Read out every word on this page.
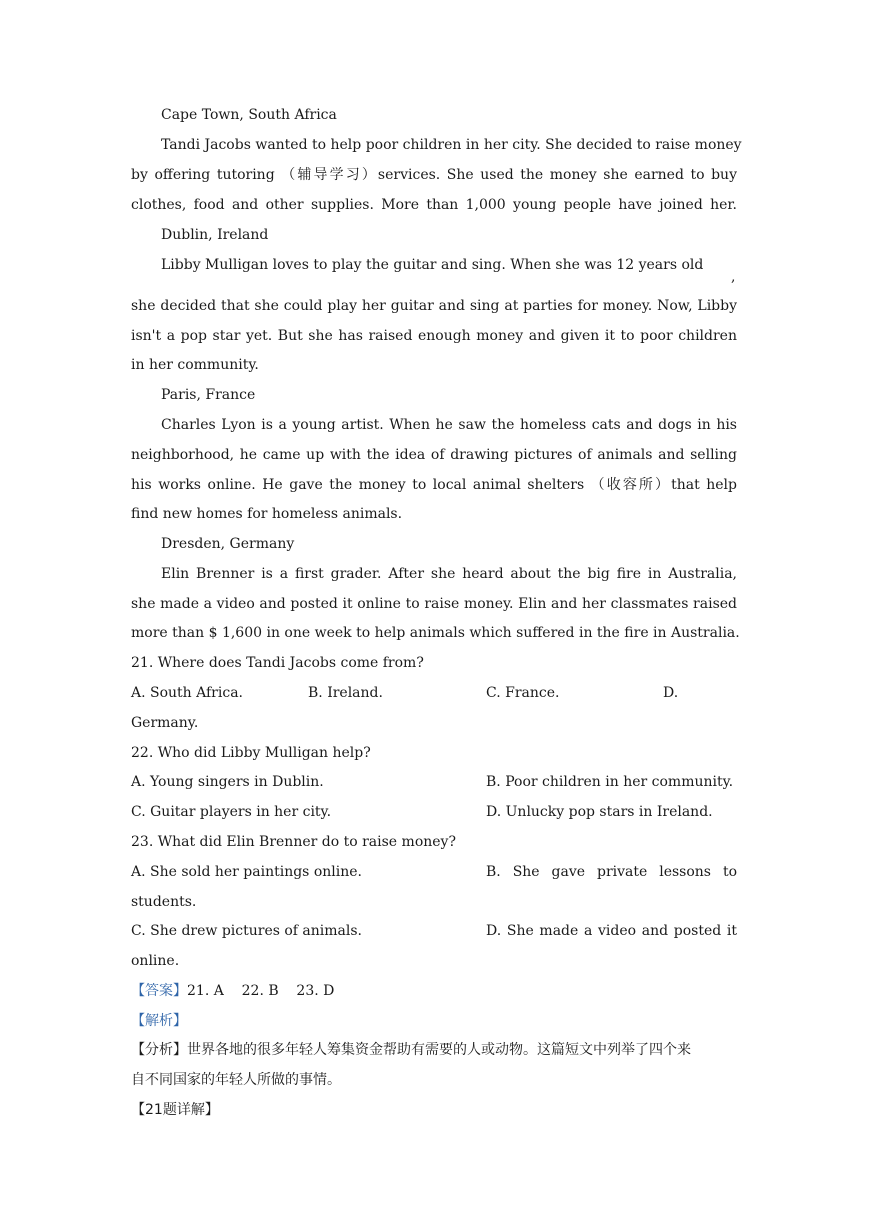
Cape Town, South Africa
Tandi Jacobs wanted to help poor children in her city. She decided to raise money
by offering tutoring （辅导学习）services. She used the money she earned to buy
clothes, food and other supplies. More than 1,000 young people have joined her.
Dublin, Ireland
Libby Mulligan loves to play the guitar and sing. When she was 12 years old
,
she decided that she could play her guitar and sing at parties for money. Now, Libby
isn't a pop star yet. But she has raised enough money and given it to poor children
in her community.
Paris, France
Charles Lyon is a young artist. When he saw the homeless cats and dogs in his
neighborhood, he came up with the idea of drawing pictures of animals and selling
his works online. He gave the money to local animal shelters （收容所）that help
find new homes for homeless animals.
Dresden, Germany
Elin Brenner is a first grader. After she heard about the big fire in Australia,
she made a video and posted it online to raise money. Elin and her classmates raised
more than $ 1,600 in one week to help animals which suffered in the fire in Australia.
21. Where does Tandi Jacobs come from?
A. South Africa.	B. Ireland.	C. France.	D.
Germany.
22. Who did Libby Mulligan help?
A. Young singers in Dublin.	B. Poor children in her community.
C. Guitar players in her city.	D. Unlucky pop stars in Ireland.
23. What did Elin Brenner do to raise money?
A. She sold her paintings online.	B. She gave private lessons to
students.
C. She drew pictures of animals.	D. She made a video and posted it
online.
【答案】21. A    22. B    23. D
【解析】
【分析】世界各地的很多年轻人筹集资金帮助有需要的人或动物。这篇短文中列举了四个来
自不同国家的年轻人所做的事情。
【21题详解】
